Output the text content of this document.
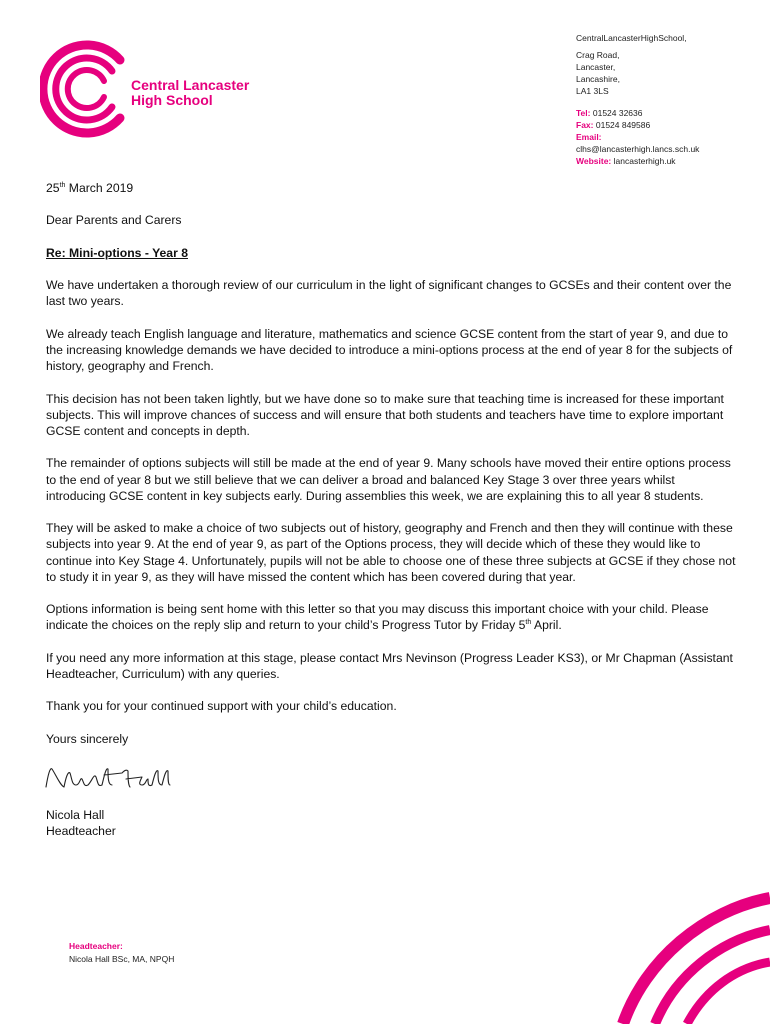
Central Lancaster
High School
CentralLancasterHighSchool,
Crag Road,
Lancaster,
Lancashire,
LA1 3LS
Tel: 01524 32636
Fax: 01524 849586
Email:
clhs@lancasterhigh.lancs.sch.uk
Website: lancasterhigh.uk

25th March 2019

Dear Parents and Carers

Re: Mini-options - Year 8

We have undertaken a thorough review of our curriculum in the light of significant changes to GCSEs and their content over the last two years.

We already teach English language and literature, mathematics and science GCSE content from the start of year 9, and due to the increasing knowledge demands we have decided to introduce a mini-options process at the end of year 8 for the subjects of history, geography and French.

This decision has not been taken lightly, but we have done so to make sure that teaching time is increased for these important subjects. This will improve chances of success and will ensure that both students and teachers have time to explore important GCSE content and concepts in depth.

The remainder of options subjects will still be made at the end of year 9. Many schools have moved their entire options process to the end of year 8 but we still believe that we can deliver a broad and balanced Key Stage 3 over three years whilst introducing GCSE content in key subjects early. During assemblies this week, we are explaining this to all year 8 students.

They will be asked to make a choice of two subjects out of history, geography and French and then they will continue with these subjects into year 9. At the end of year 9, as part of the Options process, they will decide which of these they would like to continue into Key Stage 4. Unfortunately, pupils will not be able to choose one of these three subjects at GCSE if they chose not to study it in year 9, as they will have missed the content which has been covered during that year.

Options information is being sent home with this letter so that you may discuss this important choice with your child. Please indicate the choices on the reply slip and return to your child’s Progress Tutor by Friday 5th April.

If you need any more information at this stage, please contact Mrs Nevinson (Progress Leader KS3), or Mr Chapman (Assistant Headteacher, Curriculum) with any queries.

Thank you for your continued support with your child’s education.

Yours sincerely

Nicola Hall
Headteacher
Headteacher:
Nicola Hall BSc, MA, NPQH
